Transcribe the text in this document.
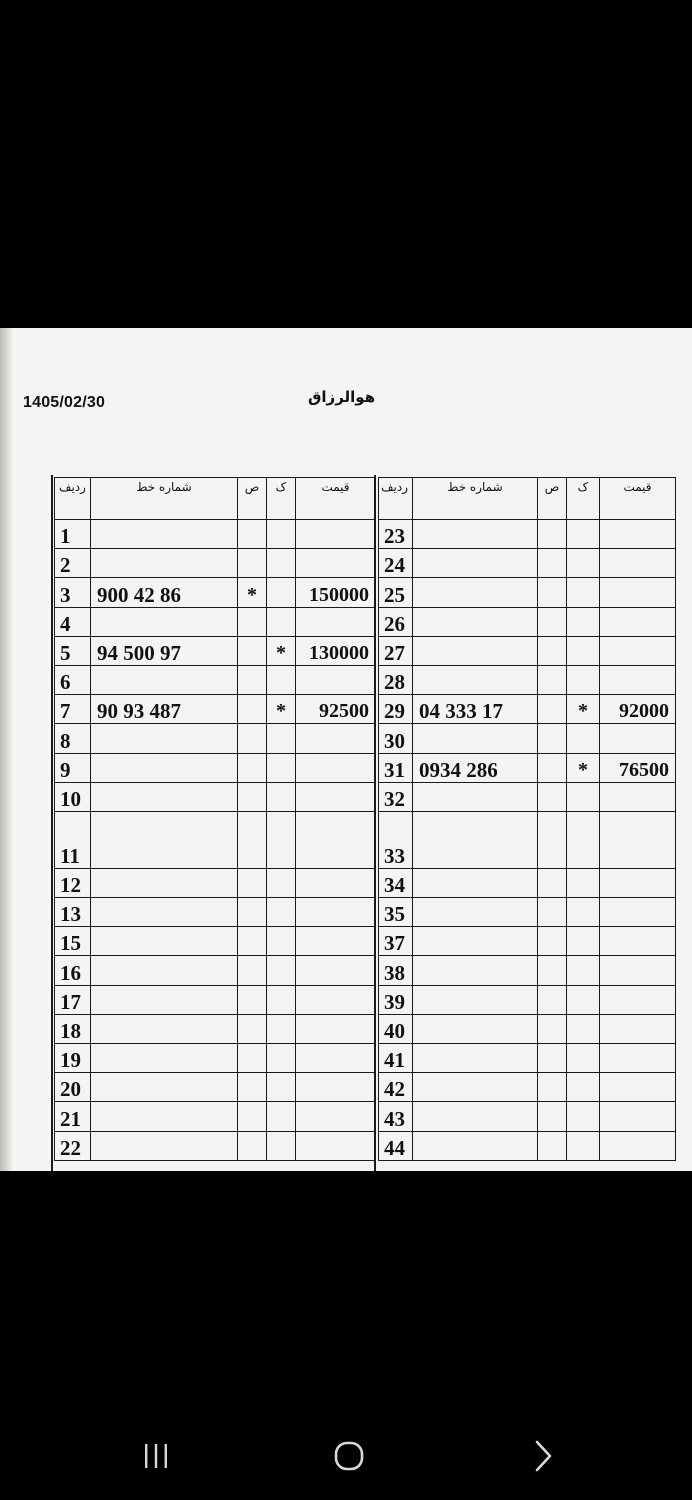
1405/02/30	هوالرزاق
ردیف	شماره خط	ص	ک	قیمت
1				
2				
3	900 42 86	*		150000
4				
5	94 500 97		*	130000
6				
7	90 93 487		*	92500
8				
9				
10				
11				
12				
13				
15				
16				
17				
18				
19				
20				
21				
22				
ردیف	شماره خط	ص	ک	قیمت
23				
24				
25				
26				
27				
28				
29	04 333 17		*	92000
30				
31	0934 286		*	76500
32				
33				
34				
35				
37				
38				
39				
40				
41				
42				
43				
44				
